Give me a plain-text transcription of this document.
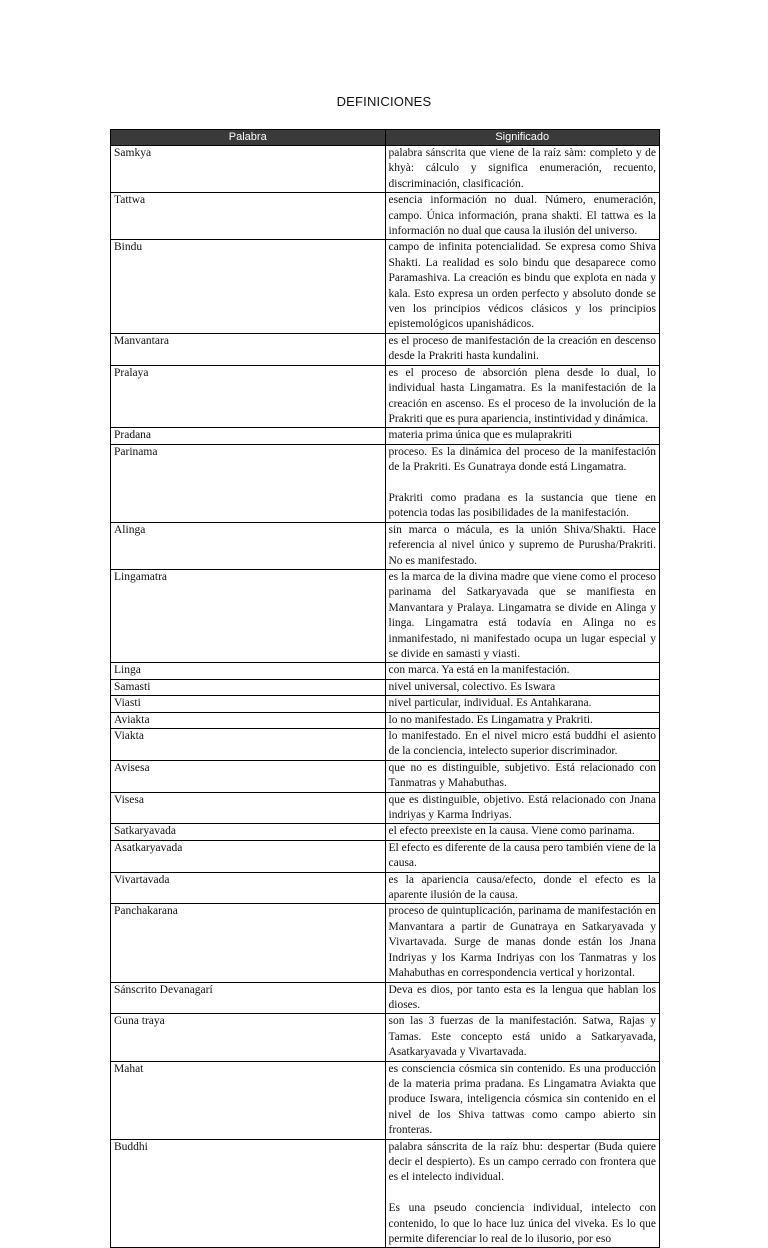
DEFINICIONES
Palabra	Significado
Samkya	palabra sánscrita que viene de la raíz sàm: completo y de khyà: cálculo y significa enumeración, recuento, discriminación, clasificación.

Tattwa	esencia información no dual. Número, enumeración, campo. Única información, prana shakti. El tattwa es la información no dual que causa la ilusión del universo.

Bindu	campo de infinita potencialidad. Se expresa como Shiva Shakti. La realidad es solo bindu que desaparece como Paramashiva. La creación es bindu que explota en nada y kala. Esto expresa un orden perfecto y absoluto donde se ven los principios védicos clásicos y los principios epistemológicos upanishádicos.

Manvantara	es el proceso de manifestación de la creación en descenso desde la Prakriti hasta kundalini.

Pralaya	es el proceso de absorción plena desde lo dual, lo individual hasta Lingamatra. Es la manifestación de la creación en ascenso. Es el proceso de la involución de la Prakriti que es pura apariencia, instintividad y dinámica.

Pradana	materia prima única que es mulaprakriti

Parinama	proceso. Es la dinámica del proceso de la manifestación de la Prakriti. Es Gunatraya donde está Lingamatra.

Prakriti como pradana es la sustancia que tiene en potencia todas las posibilidades de la manifestación.

Alinga	sin marca o mácula, es la unión Shiva/Shakti. Hace referencia al nivel único y supremo de Purusha/Prakriti. No es manifestado.

Lingamatra	es la marca de la divina madre que viene como el proceso parinama del Satkaryavada que se manifiesta en Manvantara y Pralaya. Lingamatra se divide en Alinga y linga. Lingamatra está todavía en Alinga no es inmanifestado, ni manifestado ocupa un lugar especial y se divide en samasti y viasti.

Linga	con marca. Ya está en la manifestación.

Samasti	nivel universal, colectivo. Es Iswara

Viasti	nivel particular, individual. Es Antahkarana.

Aviakta	lo no manifestado. Es Lingamatra y Prakriti.

Viakta	lo manifestado. En el nivel micro está buddhi el asiento de la conciencia, intelecto superior discriminador.

Avisesa	que no es distinguible, subjetivo. Está relacionado con Tanmatras y Mahabuthas.

Visesa	que es distinguible, objetivo. Está relacionado con Jnana indriyas y Karma Indriyas.

Satkaryavada	el efecto preexiste en la causa. Viene como parinama.

Asatkaryavada	El efecto es diferente de la causa pero también viene de la causa.

Vivartavada	es la apariencia causa/efecto, donde el efecto es la aparente ilusión de la causa.

Panchakarana	proceso de quintuplicación, parinama de manifestación en Manvantara a partir de Gunatraya en Satkaryavada y Vivartavada. Surge de manas donde están los Jnana Indriyas y los Karma Indriyas con los Tanmatras y los Mahabuthas en correspondencia vertical y horizontal.

Sánscrito Devanagarí	Deva es dios, por tanto esta es la lengua que hablan los dioses.

Guna traya	son las 3 fuerzas de la manifestación. Satwa, Rajas y Tamas. Este concepto está unido a Satkaryavada, Asatkaryavada y Vivartavada.

Mahat	es consciencia cósmica sin contenido. Es una producción de la materia prima pradana. Es Lingamatra Aviakta que produce Iswara, inteligencia cósmica sin contenido en el nivel de los Shiva tattwas como campo abierto sin fronteras.

Buddhi	palabra sánscrita de la raíz bhu: despertar (Buda quiere decir el despierto). Es un campo cerrado con frontera que es el intelecto individual.

Es una pseudo conciencia individual, intelecto con contenido, lo que lo hace luz única del viveka. Es lo que permite diferenciar lo real de lo ilusorio, por eso
